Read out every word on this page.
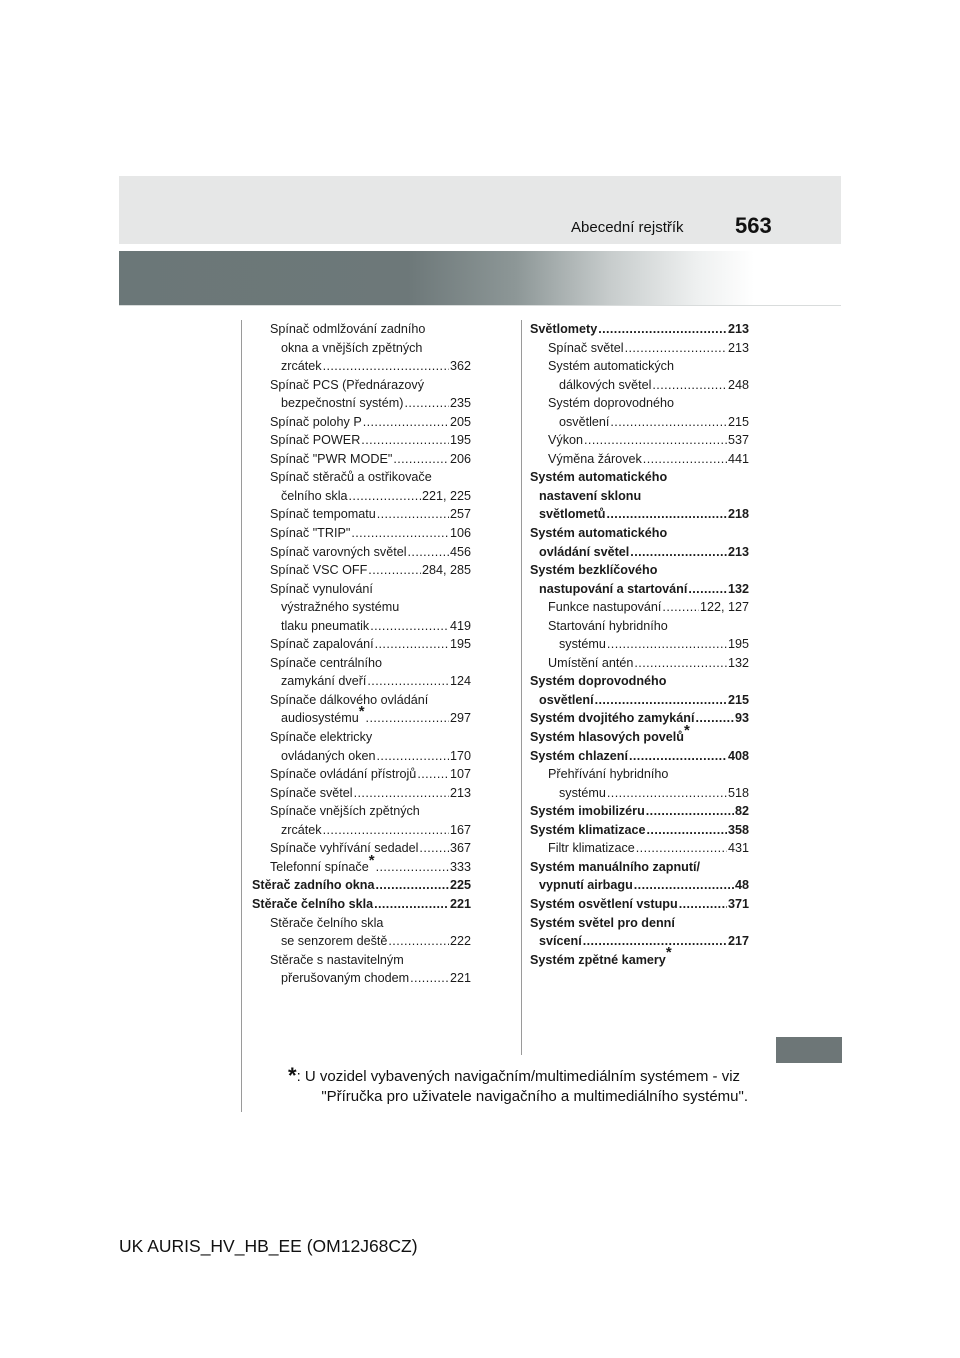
Abecední rejstřík 563
Spínač odmlžování zadního
okna a vnějších zpětných
zrcátek .....	362
Spínač PCS (Přednárazový
bezpečnostní systém) .....	235
Spínač polohy P .....	205
Spínač POWER .....	195
Spínač "PWR MODE" .....	206
Spínač stěračů a ostřikovače
čelního skla .....	221, 225
Spínač tempomatu .....	257
Spínač "TRIP" .....	106
Spínač varovných světel .....	456
Spínač VSC OFF .....	284, 285
Spínač vynulování
výstražného systému
tlaku pneumatik .....	419
Spínač zapalování .....	195
Spínače centrálního
zamykání dveří .....	124
Spínače dálkového ovládání
audiosystému* .....	297
Spínače elektricky
ovládaných oken .....	170
Spínače ovládání přístrojů .....	107
Spínače světel .....	213
Spínače vnějších zpětných
zrcátek .....	167
Spínače vyhřívání sedadel .....	367
Telefonní spínače* .....	333
Stěrač zadního okna .....	225
Stěrače čelního skla .....	221
Stěrače čelního skla
se senzorem deště .....	222
Stěrače s nastavitelným
přerušovaným chodem .....	221
Světlomety .....	213
Spínač světel .....	213
Systém automatických
dálkových světel .....	248
Systém doprovodného
osvětlení .....	215
Výkon .....	537
Výměna žárovek .....	441
Systém automatického
nastavení sklonu
světlometů .....	218
Systém automatického
ovládání světel .....	213
Systém bezklíčového
nastupování a startování .....	132
Funkce nastupování .....	122, 127
Startování hybridního
systému .....	195
Umístění antén .....	132
Systém doprovodného
osvětlení .....	215
Systém dvojitého zamykání .....	93
Systém hlasových povelů*
Systém chlazení .....	408
Přehřívání hybridního
systému .....	518
Systém imobilizéru .....	82
Systém klimatizace .....	358
Filtr klimatizace .....	431
Systém manuálního zapnutí/
vypnutí airbagu .....	48
Systém osvětlení vstupu .....	371
Systém světel pro denní
svícení .....	217
Systém zpětné kamery*
*: U vozidel vybavených navigačním/multimediálním systémem - viz
"Příručka pro uživatele navigačního a multimediálního systému".
UK AURIS_HV_HB_EE (OM12J68CZ)
